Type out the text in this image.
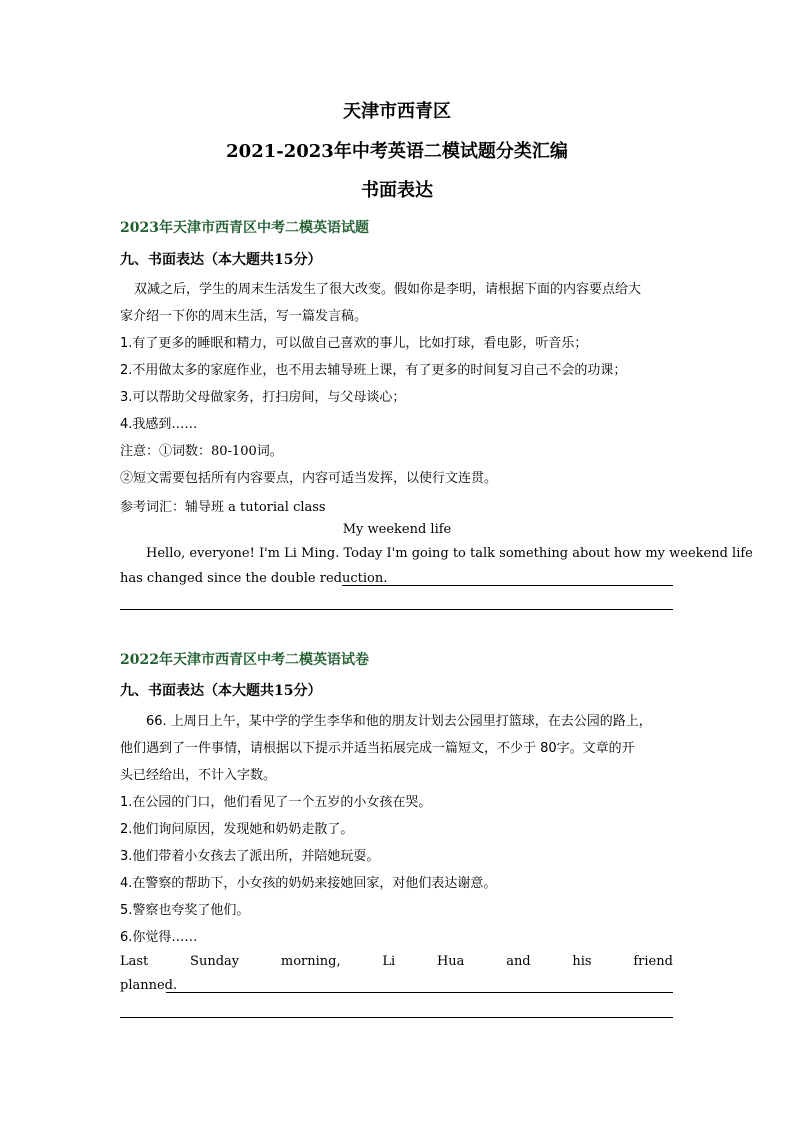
天津市西青区
2021-2023年中考英语二模试题分类汇编
书面表达
2023年天津市西青区中考二模英语试题
九、书面表达（本大题共15分）
双减之后，学生的周末生活发生了很大改变。假如你是李明，请根据下面的内容要点给大
家介绍一下你的周末生活，写一篇发言稿。
1.有了更多的睡眠和精力，可以做自己喜欢的事儿，比如打球，看电影，听音乐；
2.不用做太多的家庭作业，也不用去辅导班上课，有了更多的时间复习自己不会的功课；
3.可以帮助父母做家务，打扫房间，与父母谈心；
4.我感到……
注意：①词数：80-100词。
②短文需要包括所有内容要点，内容可适当发挥，以使行文连贯。
参考词汇：辅导班 a tutorial class
My weekend life
Hello, everyone! I'm Li Ming. Today I'm going to talk something about how my weekend life
has changed since the double reduction.
2022年天津市西青区中考二模英语试卷
九、书面表达（本大题共15分）
66. 上周日上午，某中学的学生李华和他的朋友计划去公园里打篮球，在去公园的路上，
他们遇到了一件事情，请根据以下提示并适当拓展完成一篇短文，不少于 80字。文章的开
头已经给出，不计入字数。
1.在公园的门口，他们看见了一个五岁的小女孩在哭。
2.他们询问原因，发现她和奶奶走散了。
3.他们带着小女孩去了派出所，并陪她玩耍。
4.在警察的帮助下，小女孩的奶奶来接她回家，对他们表达谢意。
5.警察也夸奖了他们。
6.你觉得……
Last	Sunday	morning,	Li	Hua	and	his	friend
planned.
